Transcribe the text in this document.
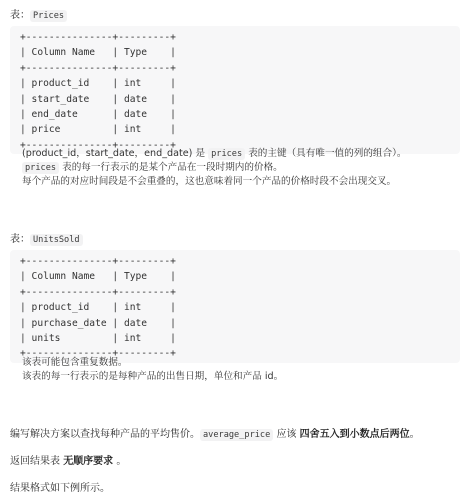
表： Prices
+---------------+---------+
| Column Name   | Type    |
+---------------+---------+
| product_id    | int     |
| start_date    | date    |
| end_date      | date    |
| price         | int     |
+---------------+---------+
(product_id，start_date，end_date) 是 prices 表的主键（具有唯一值的列的组合）。
prices 表的每一行表示的是某个产品在一段时期内的价格。
每个产品的对应时间段是不会重叠的，这也意味着同一个产品的价格时段不会出现交叉。
表： UnitsSold
+---------------+---------+
| Column Name   | Type    |
+---------------+---------+
| product_id    | int     |
| purchase_date | date    |
| units         | int     |
+---------------+---------+
该表可能包含重复数据。
该表的每一行表示的是每种产品的出售日期，单位和产品 id。
编写解决方案以查找每种产品的平均售价。 average_price 应该 四舍五入到小数点后两位。
返回结果表 无顺序要求 。
结果格式如下例所示。
